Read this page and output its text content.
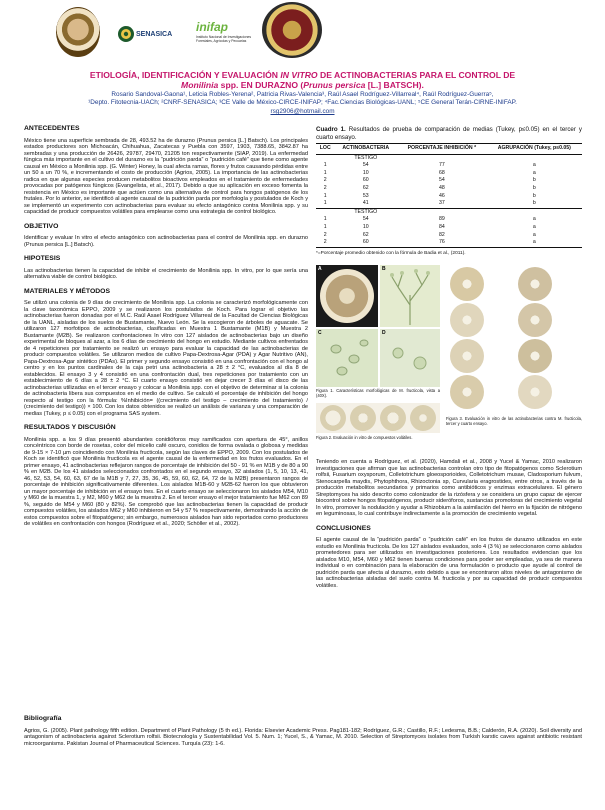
SENASICA
inifap
Instituto Nacional de Investigaciones Forestales, Agrícolas y Pecuarias
ETIOLOGÍA, IDENTIFICACIÓN Y EVALUACIÓN IN VITRO DE ACTINOBACTERIAS PARA EL CONTROL DE
Monilinia spp. EN DURAZNO (Prunus persica [L.] BATSCH).
Rosario Sandoval-Gaona¹, Leticia Robles-Yerena², Patricia Rivas-Valencia³, Raúl Asael Rodríguez-Villarreal⁴, Raúl Rodríguez-Guerra⁵,
¹Depto. Fitotecnia-UACh; ²CNRF-SENASICA; ³CE Valle de México-CIRCE-INIFAP; ⁴Fac.Ciencias Biológicas-UANL; ⁵CE General Terán-CIRNE-INIFAP.
rsg2906@hotmail.com
ANTECEDENTES
México tiene una superficie sembrada de 28, 493.52 ha de durazno (Prunus persica [L.] Batsch). Los principales estados productores son Michoacán, Chihuahua, Zacatecas y Puebla con 3597, 1903, 7388.65, 3842.87 ha sembradas y una producción de 26426, 29787, 29470, 21205 ton respectivamente (SIAP, 2019). La enfermedad fúngica más importante en el cultivo del durazno es la “pudrición parda” o “pudrición café” que tiene como agente causal en México a Monilinia spp. (G. Winter) Honey, la cual afecta ramas, flores y frutos causando pérdidas entre un 50 a un 70 %, e incrementando el costo de producción (Agrios, 2005). La importancia de las actinobacterias radica en que algunas especies producen metabolitos bioactivos empleados en el tratamiento de enfermedades provocadas por patógenos fúngicos (Evangelista, et al., 2017). Debido a que su aplicación en exceso fomenta la resistencia en México es importante que actúen como una alternativa de control para hongos patógenos de los frutales. Por lo anterior, se identificó al agente causal de la pudrición parda por morfología y postulados de Koch y se implementó un experimento con actinobacterias para evaluar su efecto antagónico contra Monilinia spp. y su capacidad de producir compuestos volátiles para emplearse como una estrategia de control biológico.
OBJETIVO
Identificar y evaluar In vitro el efecto antagónico con actinobacterias para el control de Monilinia spp. en durazno (Prunus persica [L.] Batsch).
HIPOTESIS
Las actinobacterias tienen la capacidad de inhibir el crecimiento de Monilinia spp. In vitro, por lo que sería una alternativa viable de control biológico.
MATERIALES Y MÉTODOS
Se utilizó una colonia de 9 días de crecimiento de Monilinia spp. La colonia se caracterizó morfológicamente con la clave taxonómica EPPO, 2009 y se realizaron los postulados de Koch. Para lograr el objetivo las actinobacterias fueron donadas por el M.C. Raúl Asael Rodríguez Villarreal de la Facultad de Ciencias Biológicas de la UANL, aisladas de los suelos de Bustamante, Nuevo León. Se la escogieron de árboles de aguacate. Se utilizaron 127 morfotipos de actinobacterias, clasificadas en Muestra 1 Bustamante (M1B) y Muestra 2 Bustamante (M2B). Se realizaron confrontaciones In vitro con 127 aislados de actinobacterias bajo un diseño experimental de bloques al azar, a los 6 días de crecimiento del hongo en estudio. Mediante cultivos enfrentados de 4 repeticiones por tratamiento se realizó un ensayo para evaluar la capacidad de las actinobacterias de producir compuestos volátiles. Se utilizaron medios de cultivo Papa-Dextrosa-Agar (PDA) y Agar Nutritivo (AN), Papa-Dextrosa-Agar sintético (PDAs). El primer y segundo ensayo consistió en una confrontación con el hongo al centro y en los puntos cardinales de la caja petri una actinobacteria a 28 ± 2 °C, evaluados al día 8 de establecidos. El ensayo 3 y 4 consistió en una confrontación dual, tres repeticiones por tratamiento con un establecimiento de 6 días a 28 ± 2 °C. El cuarto ensayo consistió en dejar crecer 3 días el disco de las actinobacterias utilizadas en el tercer ensayo y colocar a Monilinia spp. con el objetivo de determinar si la colonia de actinobacteria libera sus compuestos en el medio de cultivo. Se calculó el porcentaje de inhibición del hongo respecto al testigo con la fórmula: %Inhibición= ((crecimiento del testigo – crecimiento del tratamiento) / (crecimiento del testigo)) × 100. Con los datos obtenidos se realizó un análisis de varianza y una comparación de medias (Tukey, p ≤ 0.05) con el programa SAS system.
RESULTADOS Y DISCUSIÓN
Monilinia spp. a los 9 días presentó abundantes conidióforos muy ramificados con apertura de 45°, anillos concéntricos con borde de rosetas, color del micelio café oscuro, conidios de forma ovalada o globosa y medidas de 9-15 × 7-10 µm coincidiendo con Monilinia fructicola, según las claves de EPPO, 2009. Con los postulados de Koch se identificó que Monilinia fructicola es el agente causal de la enfermedad en los frutos evaluados. En el primer ensayo, 41 actinobacterias reflejaron rangos de porcentaje de inhibición del 50 - 91 % en M1B y de 80 a 90 % en M2B. De los 41 aislados seleccionados confrontados en el segundo ensayo, 32 aislados (1, 5, 10, 13, 41, 46, 52, 53, 54, 60, 63, 67 de la M1B y 7, 27, 35, 36, 45, 59, 60, 62, 64, 72 de la M2B) presentaron rangos de porcentaje de inhibición significativamente diferentes. Los aislados M1B-60 y M2B-62 fueron los que obtuvieron un mayor porcentaje de inhibición en el ensayo tres. En el cuarto ensayo se seleccionaron los aislados M54, M10 y M60 de la muestra 1, y M2, M60 y M62 de la muestra 2. En el tercer ensayo el mejor tratamiento fue M62 con 89 %, seguido de M54 y M60 (80 y 82%). Se comprobó que las actinobacterias tienen la capacidad de producir compuestos volátiles, los aislados M62 y M60 inhibieron en 54 y 57 % respectivamente, demostrando la acción de estos compuestos sobre el fitopatógeno; sin embargo, numerosos aislados han sido reportados como productores de volátiles en confrontación con hongos (Rodríguez et al., 2020; Schöller et al., 2002).
Bibliografía
Agrios, G. (2005). Plant pathology fifth edition. Department of Plant Pathology (5 th ed.). Florida: Elsevier Academic Press. Pag181-182; Rodríguez, G.R.; Castillo, R.F.; Ledesma, B.B.; Calderón, R.A. (2020). Soil diversity and antagonism of actinobacteria against Sclerotium rolfsii. Biotecnología y Sustentabilidad Vol. 5. Num. 1; Yucel, S., & Yamac, M. 2010. Selection of Streptomyces isolates from Turkish karstic caves against antibiotic resistant microorganisms. Pakistan Journal of Pharmaceutical Sciences. Turquía (23): 1-6.
Cuadro 1. Resultados de prueba de comparación de medias (Tukey, p≤0.05) en el tercer y cuarto ensayo.
LOC	ACTINOBACTERIA	PORCENTAJE INHIBICIÓN *	AGRUPACIÓN (Tukey, p≤0.05)
	TESTIGO		
1	54	77	a
1	10	68	a
2	60	54	b
2	62	48	b
1	53	46	b
1	41	37	b
	TESTIGO		
1	54	89	a
1	10	84	a
2	62	82	a
2	60	76	a
*=Porcentaje promedio obtenido con la fórmula de Badia et al., (2011).
A	B
C	D
Figura 1. Características morfológicas de M. fructicola, vista a (40X).
Figura 2. Evaluación in vitro de compuestos volátiles.
Figura 3. Evaluación in vitro de las actinobacterias contra M. fructicola, tercer y cuarto ensayo.
Teniendo en cuenta a Rodríguez, et al. (2020), Hamdali et al., 2008 y Yucel & Yamac, 2010 realizaron investigaciones que afirman que las actinobacterias controlan otro tipo de fitopatógenos como Sclerotium rolfsii, Fusarium oxysporum, Colletotrichum gloeosporioides, Colletotrichum musae, Cladosporium fulvum, Stenocarpella maydis, Phytophthora, Rhizoctonia sp, Curvularia eragrostides, entre otros, a través de la producción metabolitos secundarios y primarios como antibióticos y enzimas extracelulares. El género Streptomyces ha sido descrito como colonizador de la rizósfera y se considera un grupo capaz de ejercer biocontrol sobre hongos fitopatógenos, producir sideróforos, sustancias promotoras del crecimiento vegetal In vitro, promover la nodulación y ayudar a Rhizobium a la asimilación del hierro en la fijación de nitrógeno en leguminosas, lo cual contribuye indirectamente a la promoción de crecimiento vegetal.
CONCLUSIONES
El agente causal de la “pudrición parda” o “pudrición café” en los frutos de durazno utilizados en este estudio es Monilinia fructicola. De los 127 aislados evaluados, solo 4 (3 %) se seleccionaron como aislados prometedores para ser utilizados en investigaciones posteriores. Los resultados evidencian que los aislados M10, M54, M60 y M62 tienen buenas condiciones para poder ser empleadas, ya sea de manera individual o en combinación para la elaboración de una formulación o producto que ayude al control de pudrición parda que afecta al durazno, esto debido a que se encontraron altos niveles de antagonismo de las actinobacterias aisladas del suelo contra M. fructicola y por su capacidad de producir compuestos volátiles.
